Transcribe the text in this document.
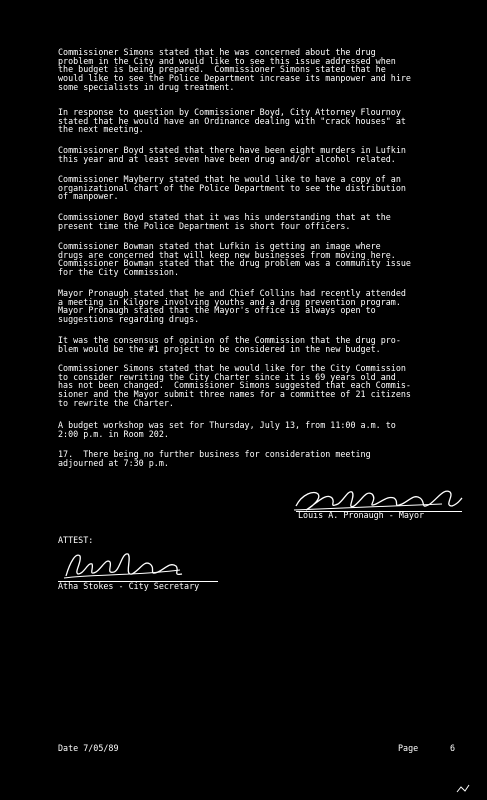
Commissioner Simons stated that he was concerned about the drug
problem in the City and would like to see this issue addressed when
the budget is being prepared.  Commissioner Simons stated that he
would like to see the Police Department increase its manpower and hire
some specialists in drug treatment.

In response to question by Commissioner Boyd, City Attorney Flournoy
stated that he would have an Ordinance dealing with "crack houses" at
the next meeting.

Commissioner Boyd stated that there have been eight murders in Lufkin
this year and at least seven have been drug and/or alcohol related.

Commissioner Mayberry stated that he would like to have a copy of an
organizational chart of the Police Department to see the distribution
of manpower.

Commissioner Boyd stated that it was his understanding that at the
present time the Police Department is short four officers.

Commissioner Bowman stated that Lufkin is getting an image where
drugs are concerned that will keep new businesses from moving here.
Commissioner Bowman stated that the drug problem was a community issue
for the City Commission.

Mayor Pronaugh stated that he and Chief Collins had recently attended
a meeting in Kilgore involving youths and a drug prevention program.
Mayor Pronaugh stated that the Mayor's office is always open to
suggestions regarding drugs.

It was the consensus of opinion of the Commission that the drug pro-
blem would be the #1 project to be considered in the new budget.

Commissioner Simons stated that he would like for the City Commission
to consider rewriting the City Charter since it is 69 years old and
has not been changed.  Commissioner Simons suggested that each Commis-
sioner and the Mayor submit three names for a committee of 21 citizens
to rewrite the Charter.

A budget workshop was set for Thursday, July 13, from 11:00 a.m. to
2:00 p.m. in Room 202.

17.  There being no further business for consideration meeting
adjourned at 7:30 p.m.

Louis A. Pronaugh - Mayor
ATTEST:
Atha Stokes - City Secretary
Date 7/05/89	Page	6
